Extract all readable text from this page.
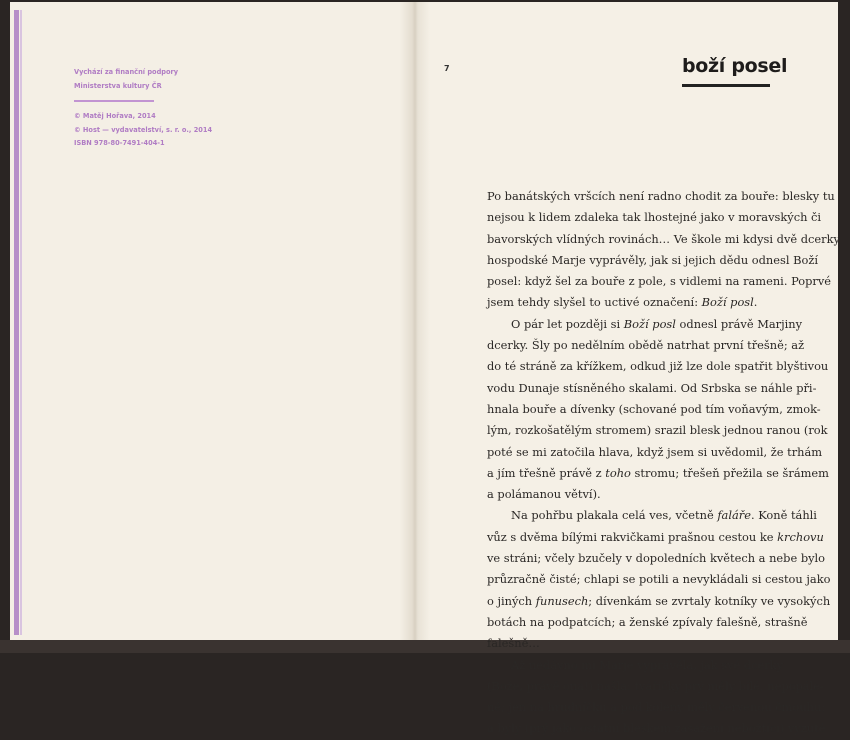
Vychází za finanční podpory
Ministerstva kultury ČR
© Matěj Hořava, 2014
© Host — vydavatelství, s. r. o., 2014
ISBN 978-80-7491-404-1
7	boží posel
Po banátských vršcích není radno chodit za bouře: blesky tu
nejsou k lidem zdaleka tak lhostejné jako v moravských či
bavorských vlídných rovinách… Ve škole mi kdysi dvě dcerky
hospodské Marje vyprávěly, jak si jejich dědu odnesl Boží
posel: když šel za bouře z pole, s vidlemi na rameni. Poprvé
jsem tehdy slyšel to uctivé označení: Boží posl.
O pár let později si Boží posl odnesl právě Marjiny
dcerky. Šly po nedělním obědě natrhat první třešně; až
do té stráně za křížkem, odkud již lze dole spatřit blyštivou
vodu Dunaje stísněného skalami. Od Srbska se náhle při-
hnala bouře a dívenky (schované pod tím voňavým, zmok-
lým, rozkošatělým stromem) srazil blesk jednou ranou (rok
poté se mi zatočila hlava, když jsem si uvědomil, že trhám
a jím třešně právě z toho stromu; třešeň přežila se šrámem
a polámanou větví).
Na pohřbu plakala celá ves, včetně faláře. Koně táhli
vůz s dvěma bílými rakvičkami prašnou cestou ke krchovu
ve stráni; včely bzučely v dopoledních květech a nebe bylo
průzračně čisté; chlapi se potili a nevykládali si cestou jako
o jiných funusech; dívenkám se zvrtaly kotníky ve vysokých
botách na podpatcích; a ženské zpívaly falešně, strašně
falešně…
Až nedávno mi Marje vyprávěla, jak své dcerky
(Bože, právě ona!) našla: tvářičky prý měly bílé, nepopále-
né; jen na hrudníčku a pod koleny měly červenou čmouhu;
a byly (prý jako ostatní bleskem zasažení nebožtíci) vyzuté
